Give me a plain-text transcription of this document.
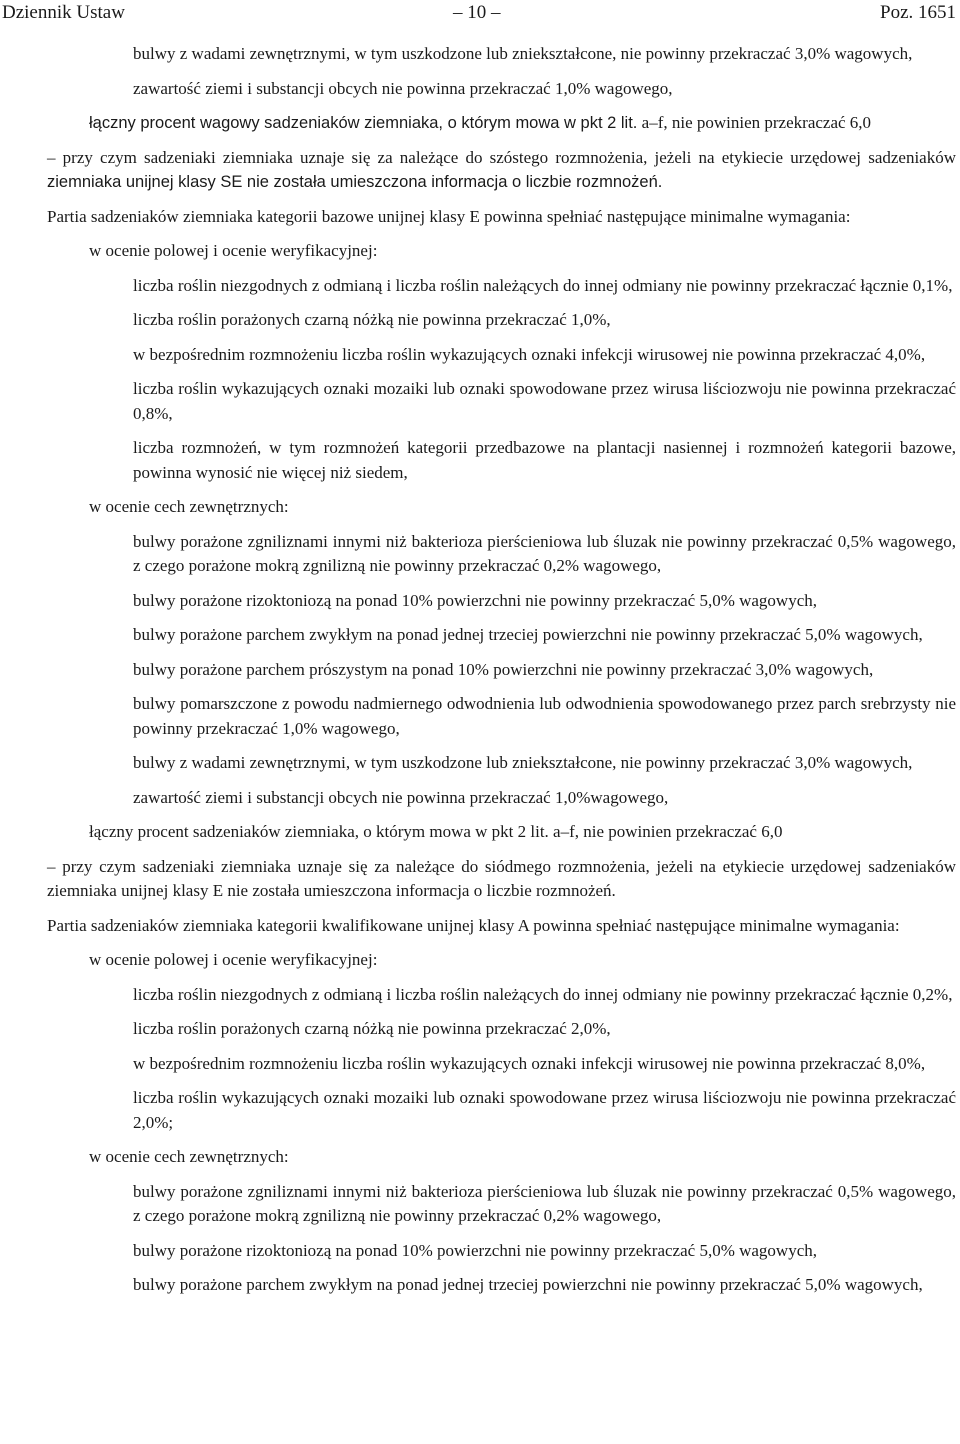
Dziennik Ustaw	– 10 –	Poz. 1651
bulwy z wadami zewnętrznymi, w tym uszkodzone lub zniekształcone, nie powinny przekraczać 3,0% wagowych,
zawartość ziemi i substancji obcych nie powinna przekraczać 1,0% wagowego,
łączny procent wagowy sadzeniaków ziemniaka, o którym mowa w pkt 2 lit. a–f, nie powinien przekraczać 6,0
– przy czym sadzeniaki ziemniaka uznaje się za należące do szóstego rozmnożenia, jeżeli na etykiecie urzędowej sadzeniaków ziemniaka unijnej klasy SE nie została umieszczona informacja o liczbie rozmnożeń.
Partia sadzeniaków ziemniaka kategorii bazowe unijnej klasy E powinna spełniać następujące minimalne wymagania:
w ocenie polowej i ocenie weryfikacyjnej:
liczba roślin niezgodnych z odmianą i liczba roślin należących do innej odmiany nie powinny przekraczać łącznie 0,1%,
liczba roślin porażonych czarną nóżką nie powinna przekraczać 1,0%,
w bezpośrednim rozmnożeniu liczba roślin wykazujących oznaki infekcji wirusowej nie powinna przekraczać 4,0%,
liczba roślin wykazujących oznaki mozaiki lub oznaki spowodowane przez wirusa liściozwoju nie powinna przekraczać 0,8%,
liczba rozmnożeń, w tym rozmnożeń kategorii przedbazowe na plantacji nasiennej i rozmnożeń kategorii bazowe, powinna wynosić nie więcej niż siedem,
w ocenie cech zewnętrznych:
bulwy porażone zgniliznami innymi niż bakterioza pierścieniowa lub śluzak nie powinny przekraczać 0,5% wagowego, z czego porażone mokrą zgnilizną nie powinny przekraczać 0,2% wagowego,
bulwy porażone rizoktoniozą na ponad 10% powierzchni nie powinny przekraczać 5,0% wagowych,
bulwy porażone parchem zwykłym na ponad jednej trzeciej powierzchni nie powinny przekraczać 5,0% wagowych,
bulwy porażone parchem prószystym na ponad 10% powierzchni nie powinny przekraczać 3,0% wagowych,
bulwy pomarszczone z powodu nadmiernego odwodnienia lub odwodnienia spowodowanego przez parch srebrzysty nie powinny przekraczać 1,0% wagowego,
bulwy z wadami zewnętrznymi, w tym uszkodzone lub zniekształcone, nie powinny przekraczać 3,0% wagowych,
zawartość ziemi i substancji obcych nie powinna przekraczać 1,0%wagowego,
łączny procent sadzeniaków ziemniaka, o którym mowa w pkt 2 lit. a–f, nie powinien przekraczać 6,0
– przy czym sadzeniaki ziemniaka uznaje się za należące do siódmego rozmnożenia, jeżeli na etykiecie urzędowej sadzeniaków ziemniaka unijnej klasy E nie została umieszczona informacja o liczbie rozmnożeń.
Partia sadzeniaków ziemniaka kategorii kwalifikowane unijnej klasy A powinna spełniać następujące minimalne wymagania:
w ocenie polowej i ocenie weryfikacyjnej:
liczba roślin niezgodnych z odmianą i liczba roślin należących do innej odmiany nie powinny przekraczać łącznie 0,2%,
liczba roślin porażonych czarną nóżką nie powinna przekraczać 2,0%,
w bezpośrednim rozmnożeniu liczba roślin wykazujących oznaki infekcji wirusowej nie powinna przekraczać 8,0%,
liczba roślin wykazujących oznaki mozaiki lub oznaki spowodowane przez wirusa liściozwoju nie powinna przekraczać 2,0%;
w ocenie cech zewnętrznych:
bulwy porażone zgniliznami innymi niż bakterioza pierścieniowa lub śluzak nie powinny przekraczać 0,5% wagowego, z czego porażone mokrą zgnilizną nie powinny przekraczać 0,2% wagowego,
bulwy porażone rizoktoniozą na ponad 10% powierzchni nie powinny przekraczać 5,0% wagowych,
bulwy porażone parchem zwykłym na ponad jednej trzeciej powierzchni nie powinny przekraczać 5,0% wagowych,
